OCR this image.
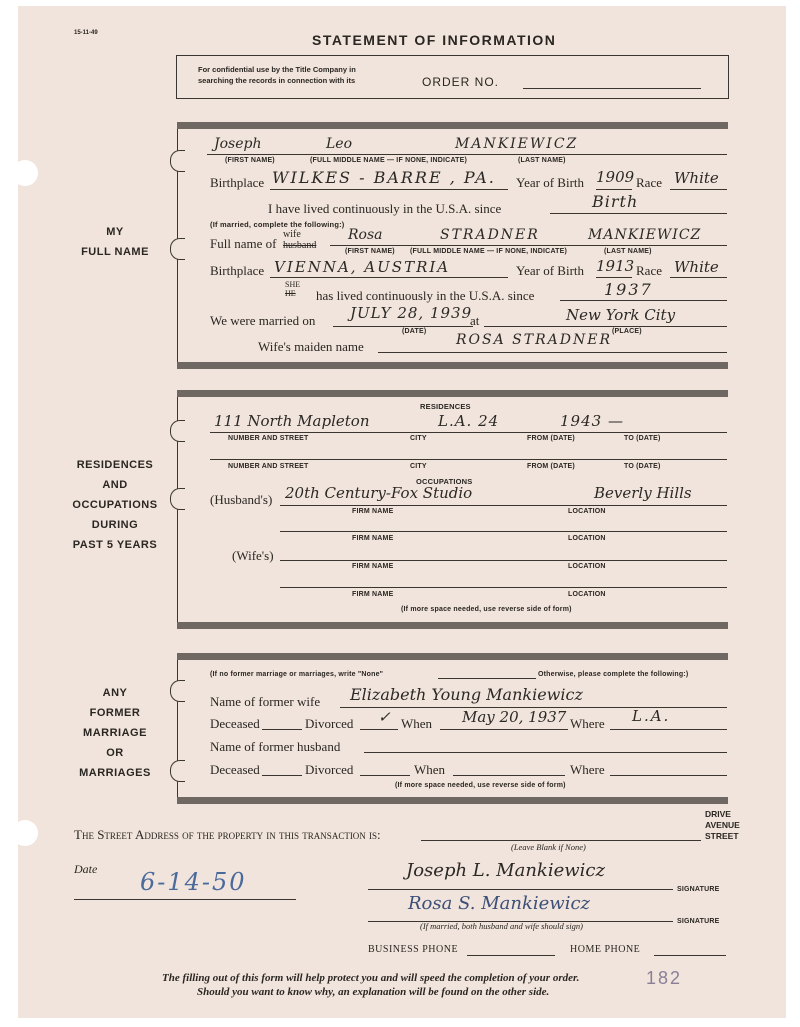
15-11-49	STATEMENT OF INFORMATION
For confidential use by the Title Company in
searching the records in connection with its	ORDER NO.
MY
FULL NAME
Joseph	Leo	MANKIEWICZ
(FIRST NAME)	(FULL MIDDLE NAME — IF NONE, INDICATE)	(LAST NAME)
Birthplace WILKES - BARRE , PA. Year of Birth 1909 Race White
I have lived continuously in the U.S.A. since	Birth
(If married, complete the following:)
Full name of
wife
husband
Rosa	STRADNER	MANKIEWICZ
(FIRST NAME) (FULL MIDDLE NAME — IF NONE, INDICATE)	(LAST NAME)
Birthplace VIENNA, AUSTRIA	Year of Birth 1913 Race White
SHE
HE	has lived continuously in the U.S.A. since	1937
We were married on JULY 28, 1939
at	New York City
(DATE)	(PLACE)
Wife's maiden name	ROSA STRADNER
RESIDENCES
AND
OCCUPATIONS
DURING
PAST 5 YEARS
RESIDENCES
111 North Mapleton	L.A. 24	1943 —
NUMBER AND STREET	CITY	FROM (DATE)	TO (DATE)
NUMBER AND STREET	CITY	FROM (DATE)	TO (DATE)
OCCUPATIONS
(Husband's) 20th Century-Fox Studio	Beverly Hills
FIRM NAME	LOCATION
FIRM NAME	LOCATION
(Wife's)
FIRM NAME	LOCATION
FIRM NAME	LOCATION
(If more space needed, use reverse side of form)
ANY
FORMER
MARRIAGE
OR
MARRIAGES
(If no former marriage or marriages, write "None"	Otherwise, please complete the following:)
Name of former wife Elizabeth Young Mankiewicz
Deceased	Divorced ✓ When May 20, 1937 Where L.A.
Name of former husband
Deceased	Divorced	When	Where
(If more space needed, use reverse side of form)
The Street Address of the property in this transaction is:
DRIVE
AVENUE
STREET
(Leave Blank if None)
Date 6-14-50	Joseph L. Mankiewicz
SIGNATURE
Rosa S. Mankiewicz
SIGNATURE
(If married, both husband and wife should sign)
BUSINESS PHONE	HOME PHONE
The filling out of this form will help protect you and will speed the completion of your order.
Should you want to know why, an explanation will be found on the other side.
182
